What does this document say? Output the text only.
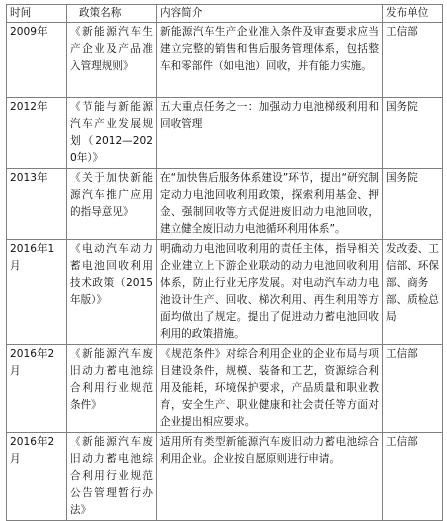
时间	政策名称	内容简介	发布单位
2009年	《新能源汽车生产企业及产品准入管理规则》	新能源汽车生产企业准入条件及审查要求应当建立完整的销售和售后服务管理体系，包括整车和零部件（如电池）回收，并有能力实施。	工信部
2012年	《节能与新能源汽车产业发展规划（2012—2020年）》	五大重点任务之一：加强动力电池梯级利用和回收管理	国务院
2013年	《关于加快新能源汽车推广应用的指导意见》	在“加快售后服务体系建设”环节，提出“研究制定动力电池回收利用政策，探索利用基金、押金、强制回收等方式促进废旧动力电池回收，建立健全废旧动力电池循环利用体系”。	国务院
2016年1月	《电动汽车动力蓄电池回收利用技术政策（2015年版）》	明确动力电池回收利用的责任主体，指导相关企业建立上下游企业联动的动力电池回收利用体系，防止行业无序发展。对电动汽车动力电池设计生产、回收、梯次利用、再生利用等方面均做出了规定。提出了促进动力蓄电池回收利用的政策措施。	发改委、工信部、环保部、商务部、质检总局
2016年2月	《新能源汽车废旧动力蓄电池综合利用行业规范条件》	《规范条件》对综合利用企业的企业布局与项目建设条件，规模、装备和工艺，资源综合利用及能耗，环境保护要求，产品质量和职业教育，安全生产、职业健康和社会责任等方面对企业提出相应要求。	工信部
2016年2月	《新能源汽车废旧动力蓄电池综合利用行业规范公告管理暂行办法》	适用所有类型新能源汽车废旧动力蓄电池综合利用企业。企业按自愿原则进行申请。	工信部
